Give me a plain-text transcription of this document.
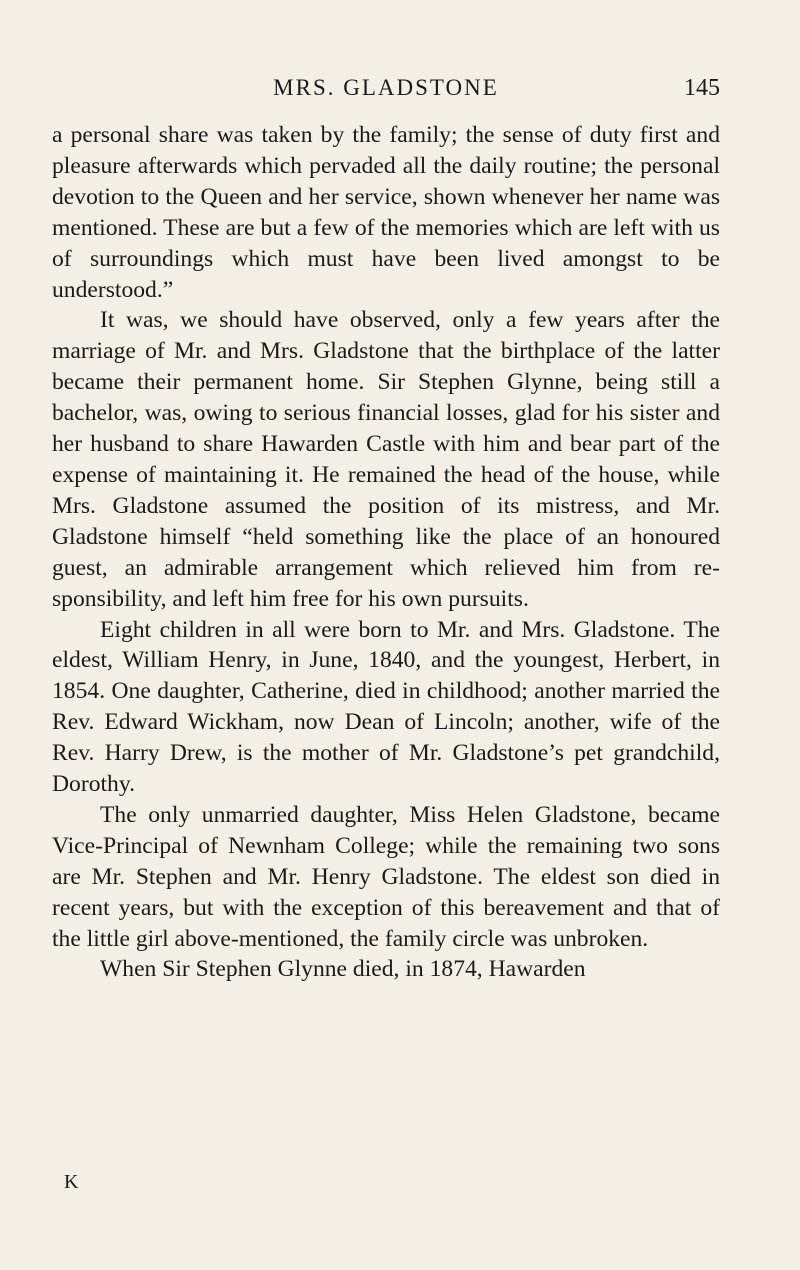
MRS. GLADSTONE	145

a personal share was taken by the family; the sense of duty first and pleasure afterwards which pervaded all the daily routine; the personal devotion to the Queen and her service, shown whenever her name was mentioned. These are but a few of the memories which are left with us of surroundings which must have been lived amongst to be understood.”

It was, we should have observed, only a few years after the marriage of Mr. and Mrs. Gladstone that the birthplace of the latter became their permanent home. Sir Stephen Glynne, being still a bachelor, was, owing to serious financial losses, glad for his sister and her husband to share Hawarden Castle with him and bear part of the expense of maintaining it. He remained the head of the house, while Mrs. Gladstone assumed the position of its mistress, and Mr. Gladstone himself “held something like the place of an honoured guest, an admirable arrangement which relieved him from responsibility, and left him free for his own pursuits.

Eight children in all were born to Mr. and Mrs. Gladstone. The eldest, William Henry, in June, 1840, and the youngest, Herbert, in 1854. One daughter, Catherine, died in childhood; another married the Rev. Edward Wickham, now Dean of Lincoln; another, wife of the Rev. Harry Drew, is the mother of Mr. Gladstone’s pet grandchild, Dorothy.

The only unmarried daughter, Miss Helen Gladstone, became Vice-Principal of Newnham College; while the remaining two sons are Mr. Stephen and Mr. Henry Gladstone. The eldest son died in recent years, but with the exception of this bereavement and that of the little girl above-mentioned, the family circle was unbroken.

When Sir Stephen Glynne died, in 1874, Hawarden

K
